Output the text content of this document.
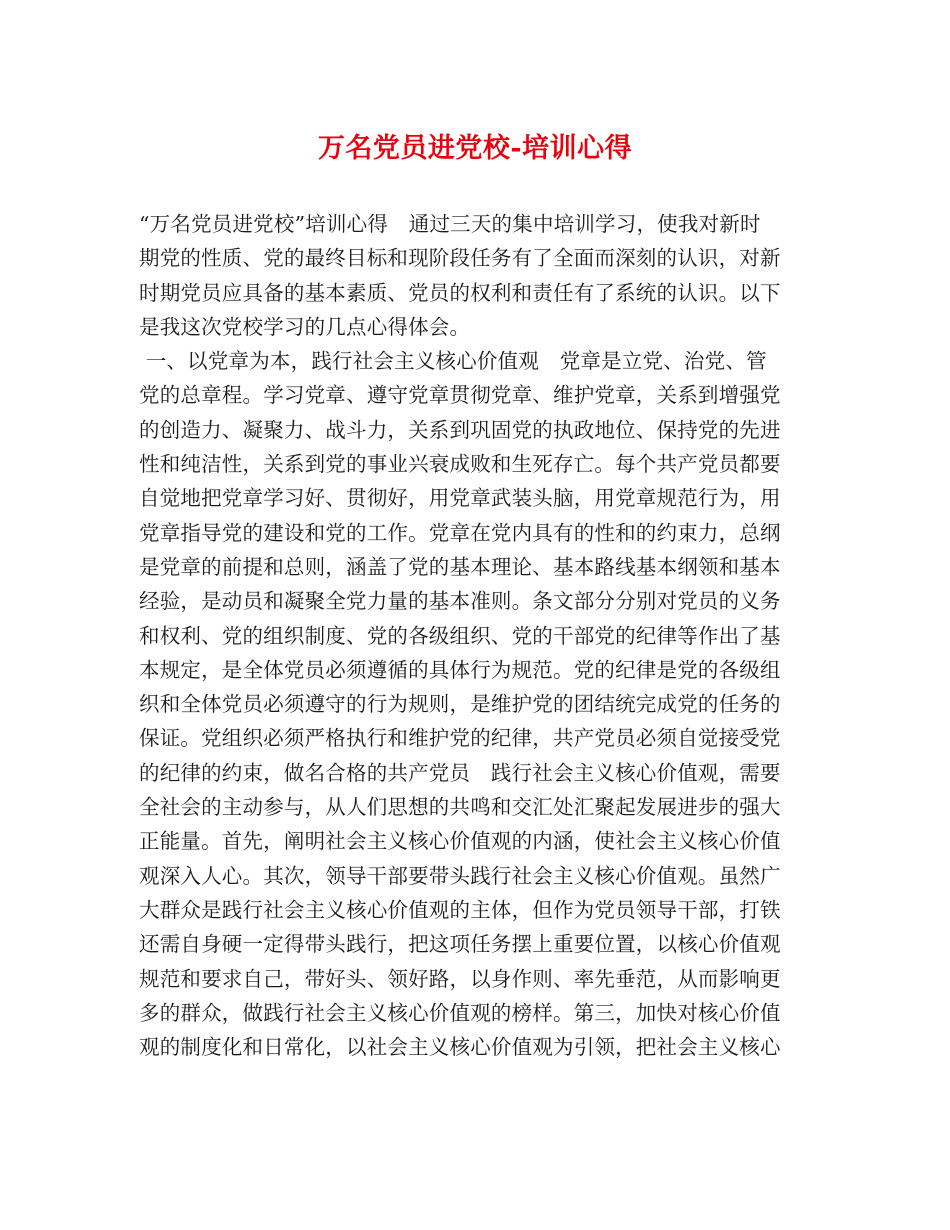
万名党员进党校-培训心得
“万名党员进党校”培训心得　通过三天的集中培训学习，使我对新时
期党的性质、党的最终目标和现阶段任务有了全面而深刻的认识，对新
时期党员应具备的基本素质、党员的权利和责任有了系统的认识。以下
是我这次党校学习的几点心得体会。
一、以党章为本，践行社会主义核心价值观　党章是立党、治党、管
党的总章程。学习党章、遵守党章贯彻党章、维护党章，关系到增强党
的创造力、凝聚力、战斗力，关系到巩固党的执政地位、保持党的先进
性和纯洁性，关系到党的事业兴衰成败和生死存亡。每个共产党员都要
自觉地把党章学习好、贯彻好，用党章武装头脑，用党章规范行为，用
党章指导党的建设和党的工作。党章在党内具有的性和的约束力，总纲
是党章的前提和总则，涵盖了党的基本理论、基本路线基本纲领和基本
经验，是动员和凝聚全党力量的基本准则。条文部分分别对党员的义务
和权利、党的组织制度、党的各级组织、党的干部党的纪律等作出了基
本规定，是全体党员必须遵循的具体行为规范。党的纪律是党的各级组
织和全体党员必须遵守的行为规则，是维护党的团结统完成党的任务的
保证。党组织必须严格执行和维护党的纪律，共产党员必须自觉接受党
的纪律的约束，做名合格的共产党员　践行社会主义核心价值观，需要
全社会的主动参与，从人们思想的共鸣和交汇处汇聚起发展进步的强大
正能量。首先，阐明社会主义核心价值观的内涵，使社会主义核心价值
观深入人心。其次，领导干部要带头践行社会主义核心价值观。虽然广
大群众是践行社会主义核心价值观的主体，但作为党员领导干部，打铁
还需自身硬一定得带头践行，把这项任务摆上重要位置，以核心价值观
规范和要求自己，带好头、领好路，以身作则、率先垂范，从而影响更
多的群众，做践行社会主义核心价值观的榜样。第三，加快对核心价值
观的制度化和日常化，以社会主义核心价值观为引领，把社会主义核心
